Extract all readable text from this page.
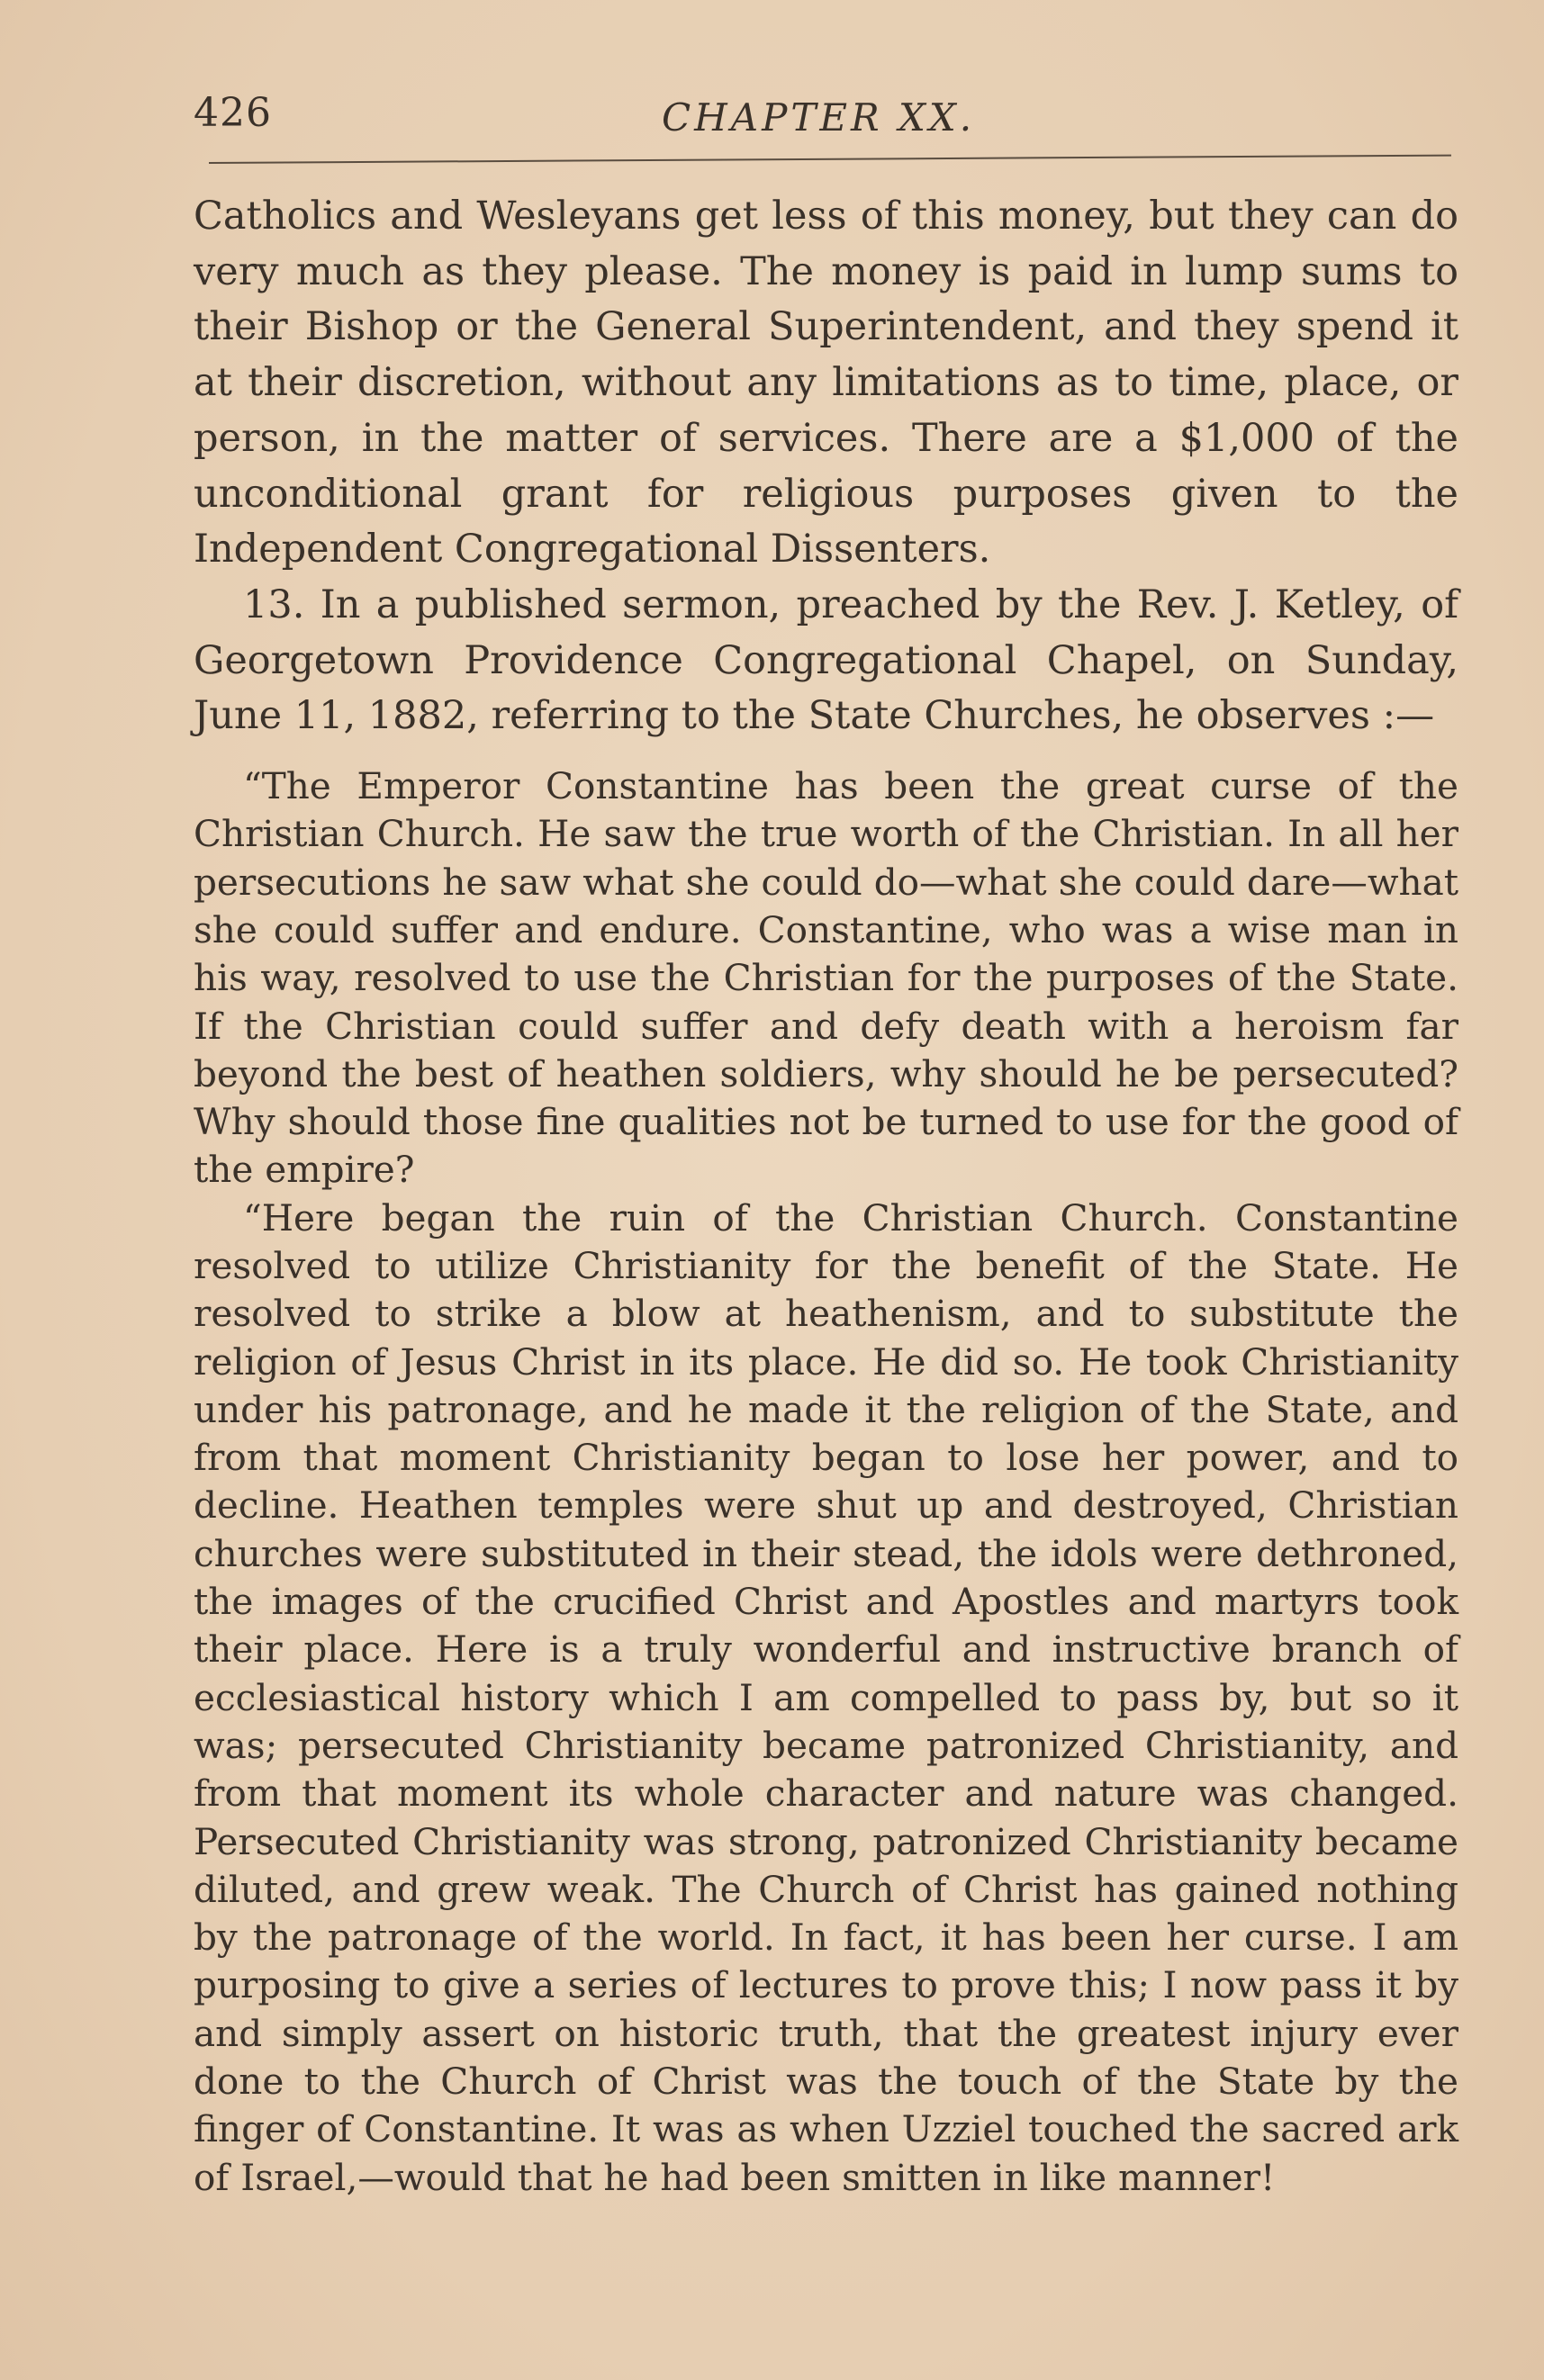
426	CHAPTER XX.

Catholics and Wesleyans get less of this money, but they can do very much as they please. The money is paid in lump sums to their Bishop or the General Superintendent, and they spend it at their discretion, without any limitations as to time, place, or person, in the matter of services. There are a $1,000 of the unconditional grant for religious purposes given to the Independent Congregational Dissenters.

13. In a published sermon, preached by the Rev. J. Ketley, of Georgetown Providence Congregational Chapel, on Sunday, June 11, 1882, referring to the State Churches, he observes :—

“The Emperor Constantine has been the great curse of the Christian Church. He saw the true worth of the Christian. In all her persecutions he saw what she could do—what she could dare—what she could suffer and endure. Constantine, who was a wise man in his way, resolved to use the Christian for the purposes of the State. If the Christian could suffer and defy death with a heroism far beyond the best of heathen soldiers, why should he be persecuted? Why should those fine qualities not be turned to use for the good of the empire?

“Here began the ruin of the Christian Church. Constantine resolved to utilize Christianity for the benefit of the State. He resolved to strike a blow at heathenism, and to substitute the religion of Jesus Christ in its place. He did so. He took Christianity under his patronage, and he made it the religion of the State, and from that moment Christianity began to lose her power, and to decline. Heathen temples were shut up and destroyed, Christian churches were substituted in their stead, the idols were dethroned, the images of the crucified Christ and Apostles and martyrs took their place. Here is a truly wonderful and instructive branch of ecclesiastical history which I am compelled to pass by, but so it was; persecuted Christianity became patronized Christianity, and from that moment its whole character and nature was changed. Persecuted Christianity was strong, patronized Christianity became diluted, and grew weak. The Church of Christ has gained nothing by the patronage of the world. In fact, it has been her curse. I am purposing to give a series of lectures to prove this; I now pass it by and simply assert on historic truth, that the greatest injury ever done to the Church of Christ was the touch of the State by the finger of Constantine. It was as when Uzziel touched the sacred ark of Israel,—would that he had been smitten in like manner!
